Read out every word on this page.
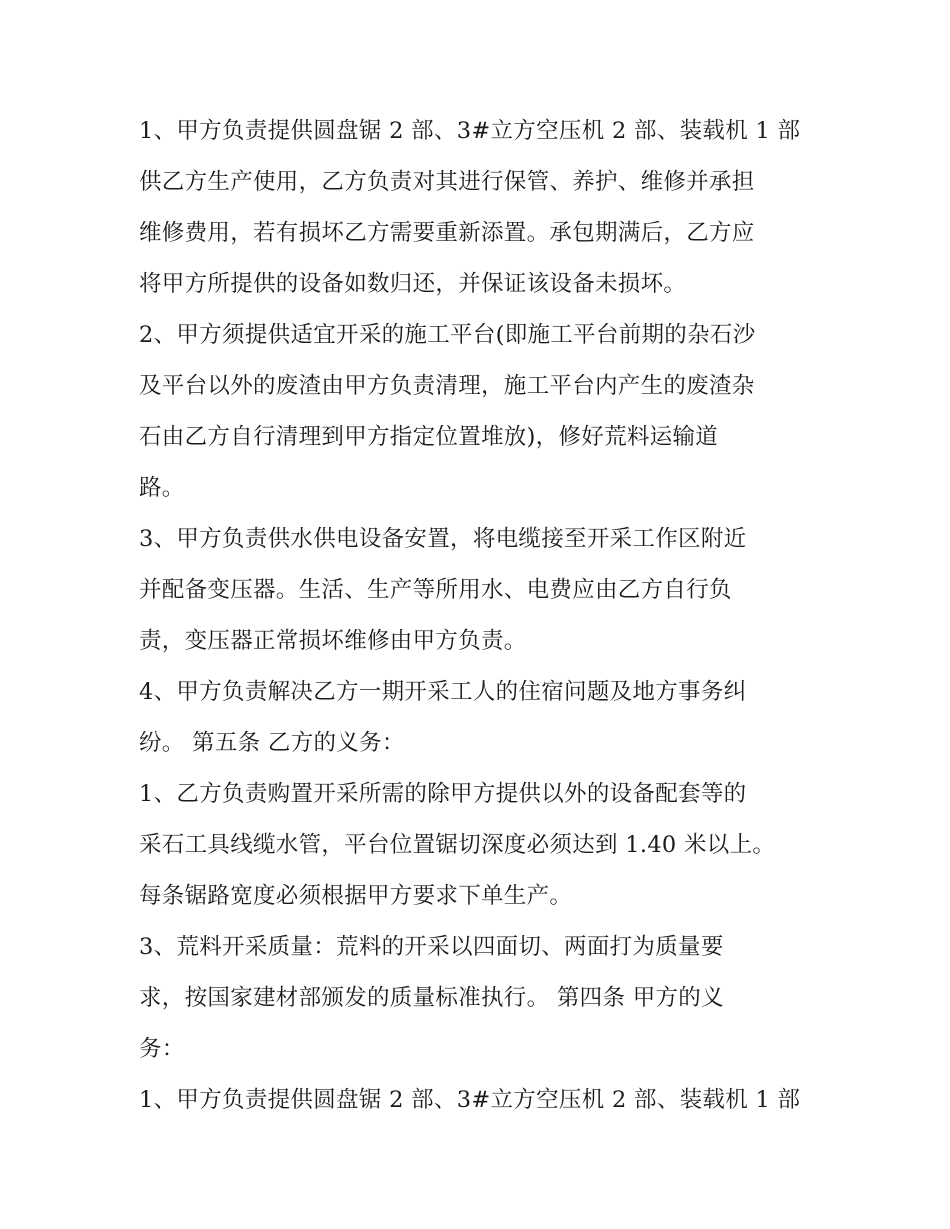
1、甲方负责提供圆盘锯 2 部、3#立方空压机 2 部、装载机 1 部
供乙方生产使用，乙方负责对其进行保管、养护、维修并承担
维修费用，若有损坏乙方需要重新添置。承包期满后，乙方应
将甲方所提供的设备如数归还，并保证该设备未损坏。
2、甲方须提供适宜开采的施工平台(即施工平台前期的杂石沙
及平台以外的废渣由甲方负责清理，施工平台内产生的废渣杂
石由乙方自行清理到甲方指定位置堆放)，修好荒料运输道
路。
3、甲方负责供水供电设备安置，将电缆接至开采工作区附近
并配备变压器。生活、生产等所用水、电费应由乙方自行负
责，变压器正常损坏维修由甲方负责。
4、甲方负责解决乙方一期开采工人的住宿问题及地方事务纠
纷。 第五条 乙方的义务：
1、乙方负责购置开采所需的除甲方提供以外的设备配套等的
采石工具线缆水管，平台位置锯切深度必须达到 1.40 米以上。
每条锯路宽度必须根据甲方要求下单生产。
3、荒料开采质量：荒料的开采以四面切、两面打为质量要
求，按国家建材部颁发的质量标准执行。 第四条 甲方的义
务：
1、甲方负责提供圆盘锯 2 部、3#立方空压机 2 部、装载机 1 部
